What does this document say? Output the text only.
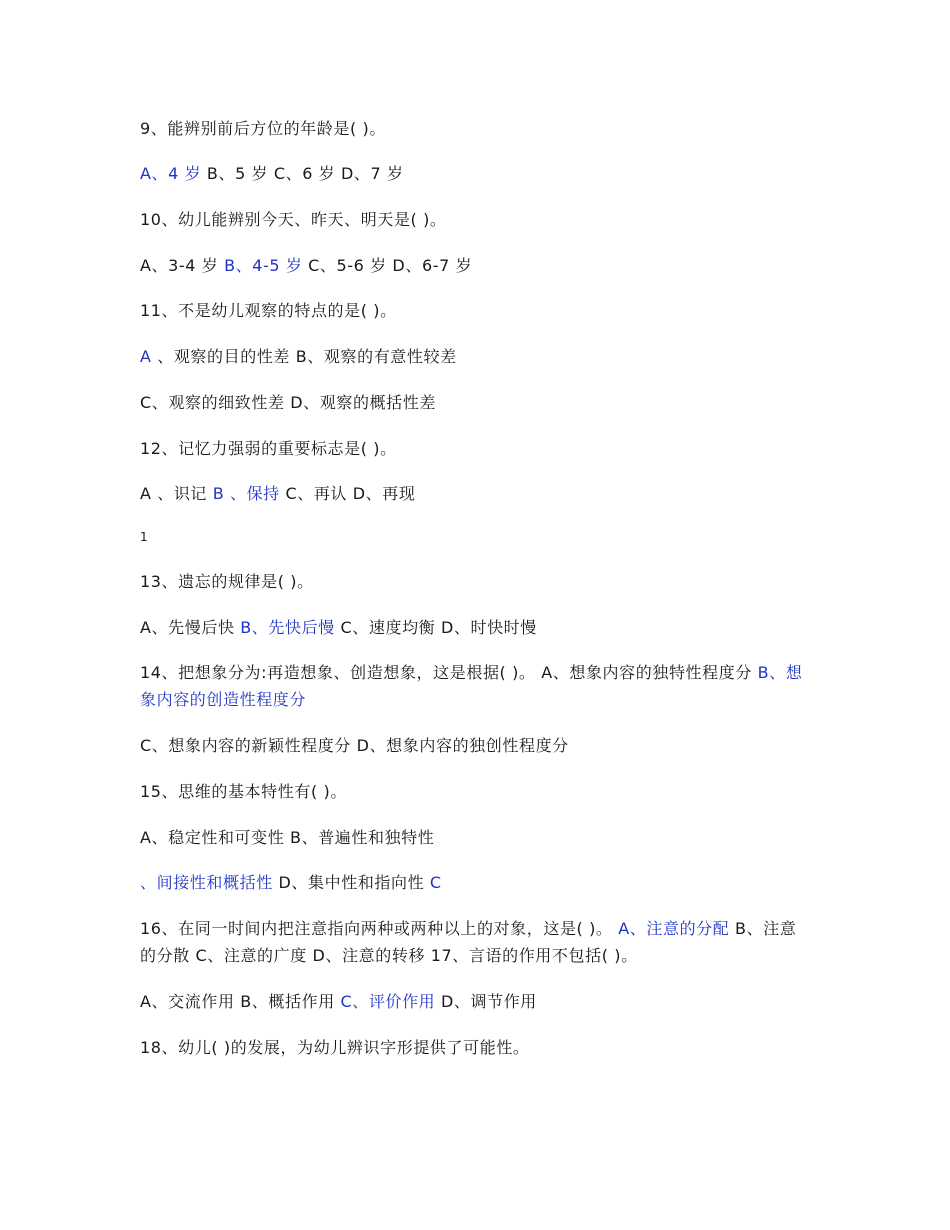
9、能辨别前后方位的年龄是( )。
A、4 岁 B、5 岁 C、6 岁 D、7 岁
10、幼儿能辨别今天、昨天、明天是( )。
A、3-4 岁 B、4-5 岁 C、5-6 岁 D、6-7 岁
11、不是幼儿观察的特点的是( )。
A 、观察的目的性差 B、观察的有意性较差
C、观察的细致性差 D、观察的概括性差
12、记忆力强弱的重要标志是( )。
A 、识记 B 、保持 C、再认 D、再现
1
13、遗忘的规律是( )。
A、先慢后快 B、先快后慢 C、速度均衡 D、时快时慢
14、把想象分为:再造想象、创造想象，这是根据( )。 A、想象内容的独特性程度分 B、想象内容的创造性程度分
C、想象内容的新颖性程度分 D、想象内容的独创性程度分
15、思维的基本特性有( )。
A、稳定性和可变性 B、普遍性和独特性
、间接性和概括性 D、集中性和指向性 C
16、在同一时间内把注意指向两种或两种以上的对象，这是( )。 A、注意的分配 B、注意的分散 C、注意的广度 D、注意的转移 17、言语的作用不包括( )。
A、交流作用 B、概括作用 C、评价作用 D、调节作用
18、幼儿( )的发展，为幼儿辨识字形提供了可能性。
